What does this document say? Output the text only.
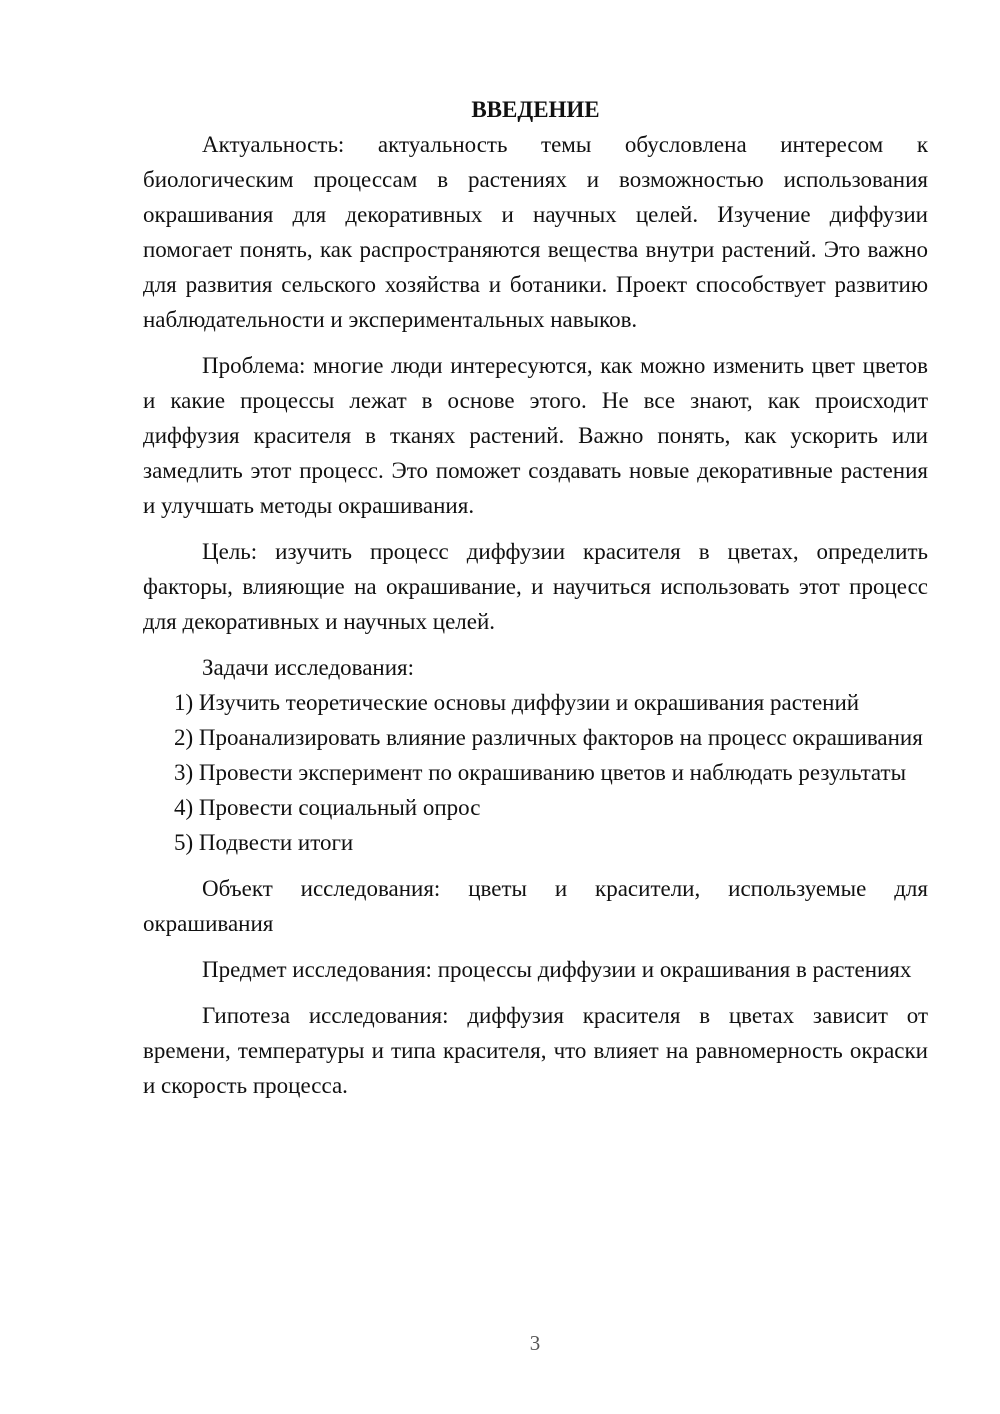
ВВЕДЕНИЕ

Актуальность: актуальность темы обусловлена интересом к биологическим процессам в растениях и возможностью использования окрашивания для декоративных и научных целей. Изучение диффузии помогает понять, как распространяются вещества внутри растений. Это важно для развития сельского хозяйства и ботаники. Проект способствует развитию наблюдательности и экспериментальных навыков.

Проблема: многие люди интересуются, как можно изменить цвет цветов и какие процессы лежат в основе этого. Не все знают, как происходит диффузия красителя в тканях растений. Важно понять, как ускорить или замедлить этот процесс. Это поможет создавать новые декоративные растения и улучшать методы окрашивания.

Цель: изучить процесс диффузии красителя в цветах, определить факторы, влияющие на окрашивание, и научиться использовать этот процесс для декоративных и научных целей.

Задачи исследования:

1) Изучить теоретические основы диффузии и окрашивания растений

2) Проанализировать влияние различных факторов на процесс окрашивания

3) Провести эксперимент по окрашиванию цветов и наблюдать результаты

4) Провести социальный опрос

5) Подвести итоги

Объект исследования: цветы и красители, используемые для окрашивания

Предмет исследования: процессы диффузии и окрашивания в растениях

Гипотеза исследования: диффузия красителя в цветах зависит от времени, температуры и типа красителя, что влияет на равномерность окраски и скорость процесса.

3
